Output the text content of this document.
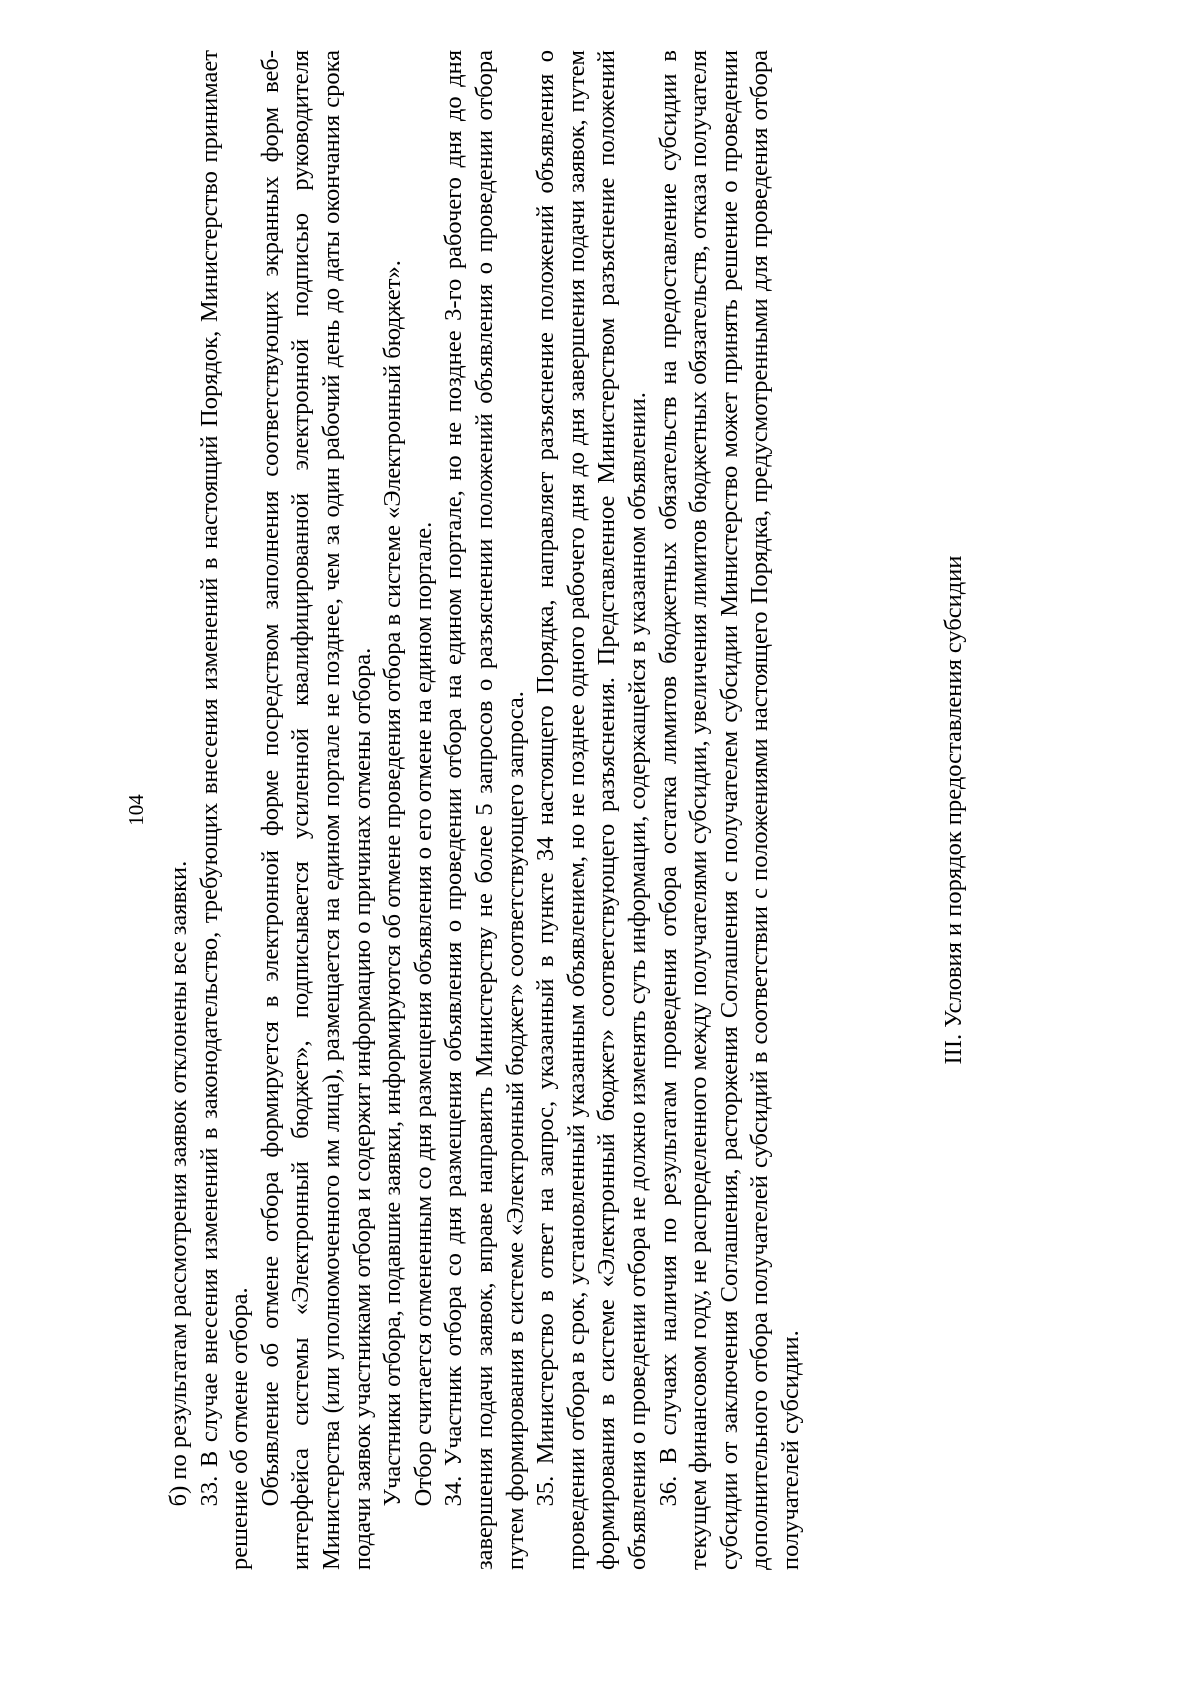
104

б) по результатам рассмотрения заявок отклонены все заявки. 33. В случае внесения изменений в законодательство, требующих внесения изменений в настоящий Порядок, Министерство принимает решение об отмене отбора. Объявление об отмене отбора формируется в электронной форме посредством заполнения соответствующих экранных форм веб-интерфейса системы «Электронный бюджет», подписывается усиленной квалифицированной электронной подписью руководителя Министерства (или уполномоченного им лица), размещается на едином портале не позднее, чем за один рабочий день до даты окончания срока подачи заявок участниками отбора и содержит информацию о причинах отмены отбора. Участники отбора, подавшие заявки, информируются об отмене проведения отбора в системе «Электронный бюджет». Отбор считается отмененным со дня размещения объявления о его отмене на едином портале. 34. Участник отбора со дня размещения объявления о проведении отбора на едином портале, но не позднее 3-го рабочего дня до дня завершения подачи заявок, вправе направить Министерству не более 5 запросов о разъяснении положений объявления о проведении отбора путем формирования в системе «Электронный бюджет» соответствующего запроса. 35. Министерство в ответ на запрос, указанный в пункте 34 настоящего Порядка, направляет разъяснение положений объявления о проведении отбора в срок, установленный указанным объявлением, но не позднее одного рабочего дня до дня завершения подачи заявок, путем формирования в системе «Электронный бюджет» соответствующего разъяснения. Представленное Министерством разъяснение положений объявления о проведении отбора не должно изменять суть информации, содержащейся в указанном объявлении. 36. В случаях наличия по результатам проведения отбора остатка лимитов бюджетных обязательств на предоставление субсидии в текущем финансовом году, не распределенного между получателями субсидии, увеличения лимитов бюджетных обязательств, отказа получателя субсидии от заключения Соглашения, расторжения Соглашения с получателем субсидии Министерство может принять решение о проведении дополнительного отбора получателей субсидий в соответствии с положениями настоящего Порядка, предусмотренными для проведения отбора получателей субсидии.

III. Условия и порядок предоставления субсидии
